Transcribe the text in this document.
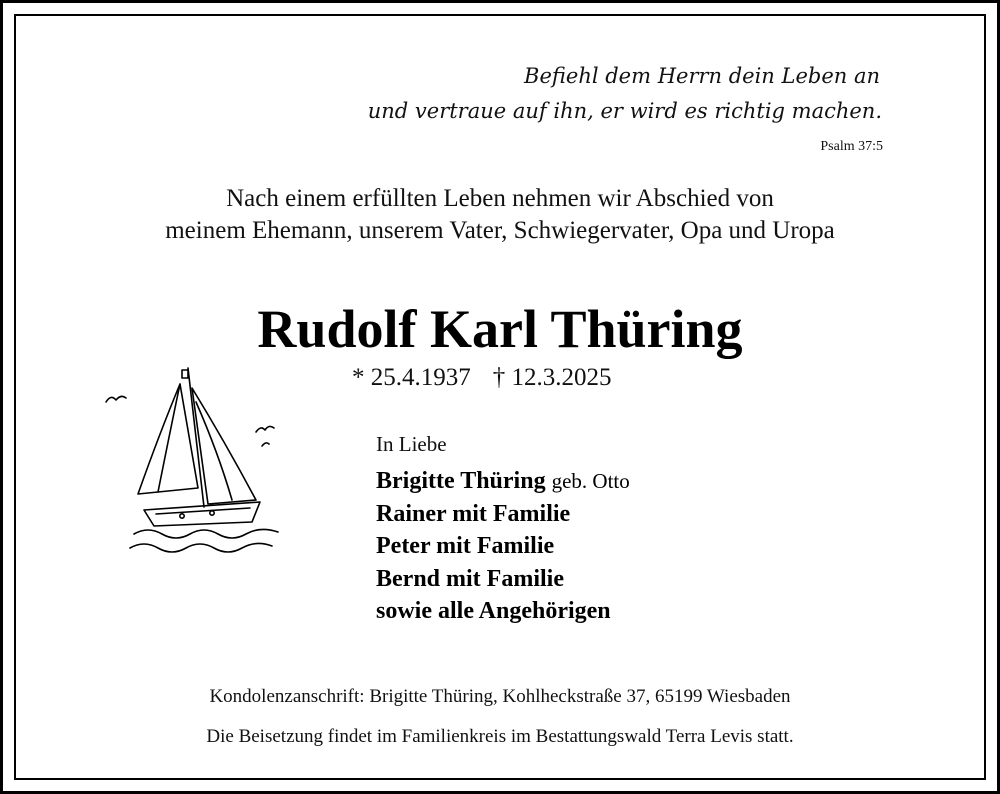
Befiehl dem Herrn dein Leben an
und vertraue auf ihn, er wird es richtig machen.
Psalm 37:5
Nach einem erfüllten Leben nehmen wir Abschied von
meinem Ehemann, unserem Vater, Schwiegervater, Opa und Uropa
Rudolf Karl Thüring
* 25.4.1937 † 12.3.2025
In Liebe
Brigitte Thüring geb. Otto
Rainer mit Familie
Peter mit Familie
Bernd mit Familie
sowie alle Angehörigen
Kondolenzanschrift: Brigitte Thüring, Kohlheckstraße 37, 65199 Wiesbaden
Die Beisetzung findet im Familienkreis im Bestattungswald Terra Levis statt.
